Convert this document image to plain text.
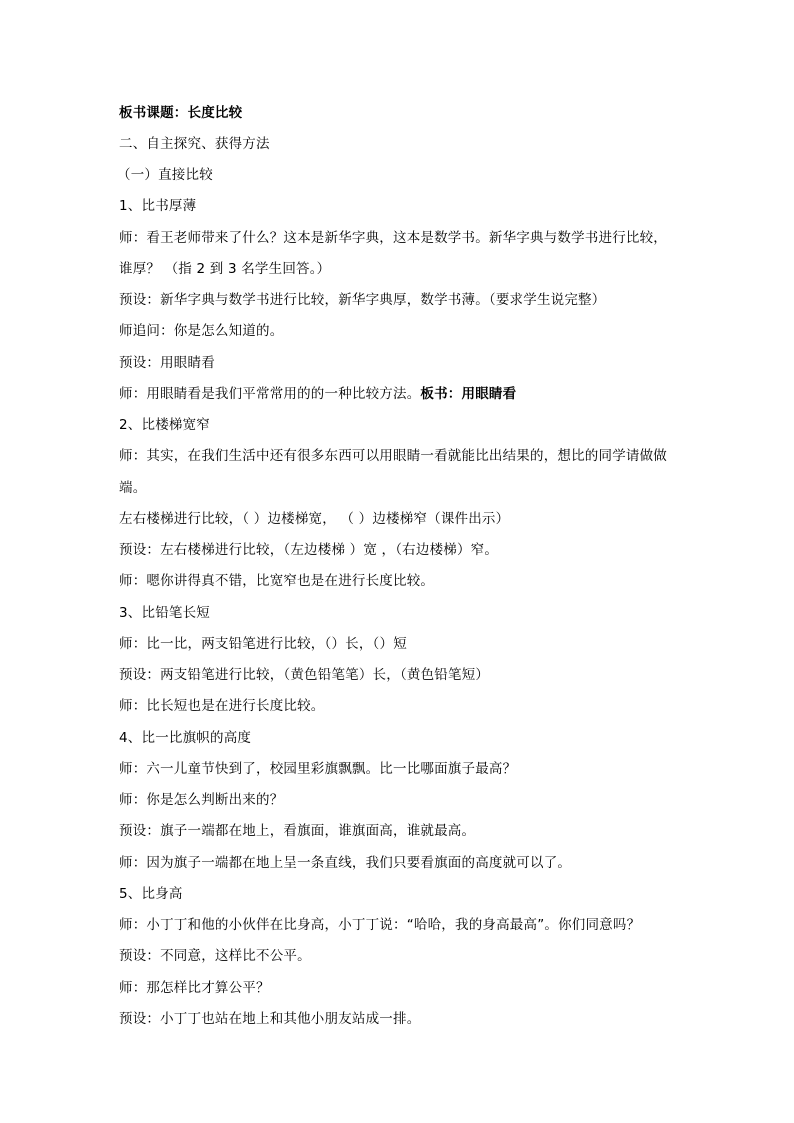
板书课题：长度比较
二、自主探究、获得方法
（一）直接比较
1、比书厚薄
师：看王老师带来了什么？这本是新华字典，这本是数学书。新华字典与数学书进行比较，
谁厚？ （指 2 到 3 名学生回答。）
预设：新华字典与数学书进行比较，新华字典厚，数学书薄。（要求学生说完整）
师追问：你是怎么知道的。
预设：用眼睛看
师：用眼睛看是我们平常常用的的一种比较方法。板书：用眼睛看
2、比楼梯宽窄
师：其实，在我们生活中还有很多东西可以用眼睛一看就能比出结果的，想比的同学请做做
端。
左右楼梯进行比较，（ ）边楼梯宽， （ ）边楼梯窄（课件出示）
预设：左右楼梯进行比较，（左边楼梯 ）宽 ，（右边楼梯）窄。
师：嗯你讲得真不错，比宽窄也是在进行长度比较。
3、比铅笔长短
师：比一比，两支铅笔进行比较，（）长，（）短
预设：两支铅笔进行比较，（黄色铅笔笔）长，（黄色铅笔短）
师：比长短也是在进行长度比较。
4、比一比旗帜的高度
师：六一儿童节快到了，校园里彩旗飘飘。比一比哪面旗子最高？
师：你是怎么判断出来的？
预设：旗子一端都在地上，看旗面，谁旗面高，谁就最高。
师：因为旗子一端都在地上呈一条直线，我们只要看旗面的高度就可以了。
5、比身高
师：小丁丁和他的小伙伴在比身高，小丁丁说：“哈哈，我的身高最高”。你们同意吗？
预设：不同意，这样比不公平。
师：那怎样比才算公平？
预设：小丁丁也站在地上和其他小朋友站成一排。
